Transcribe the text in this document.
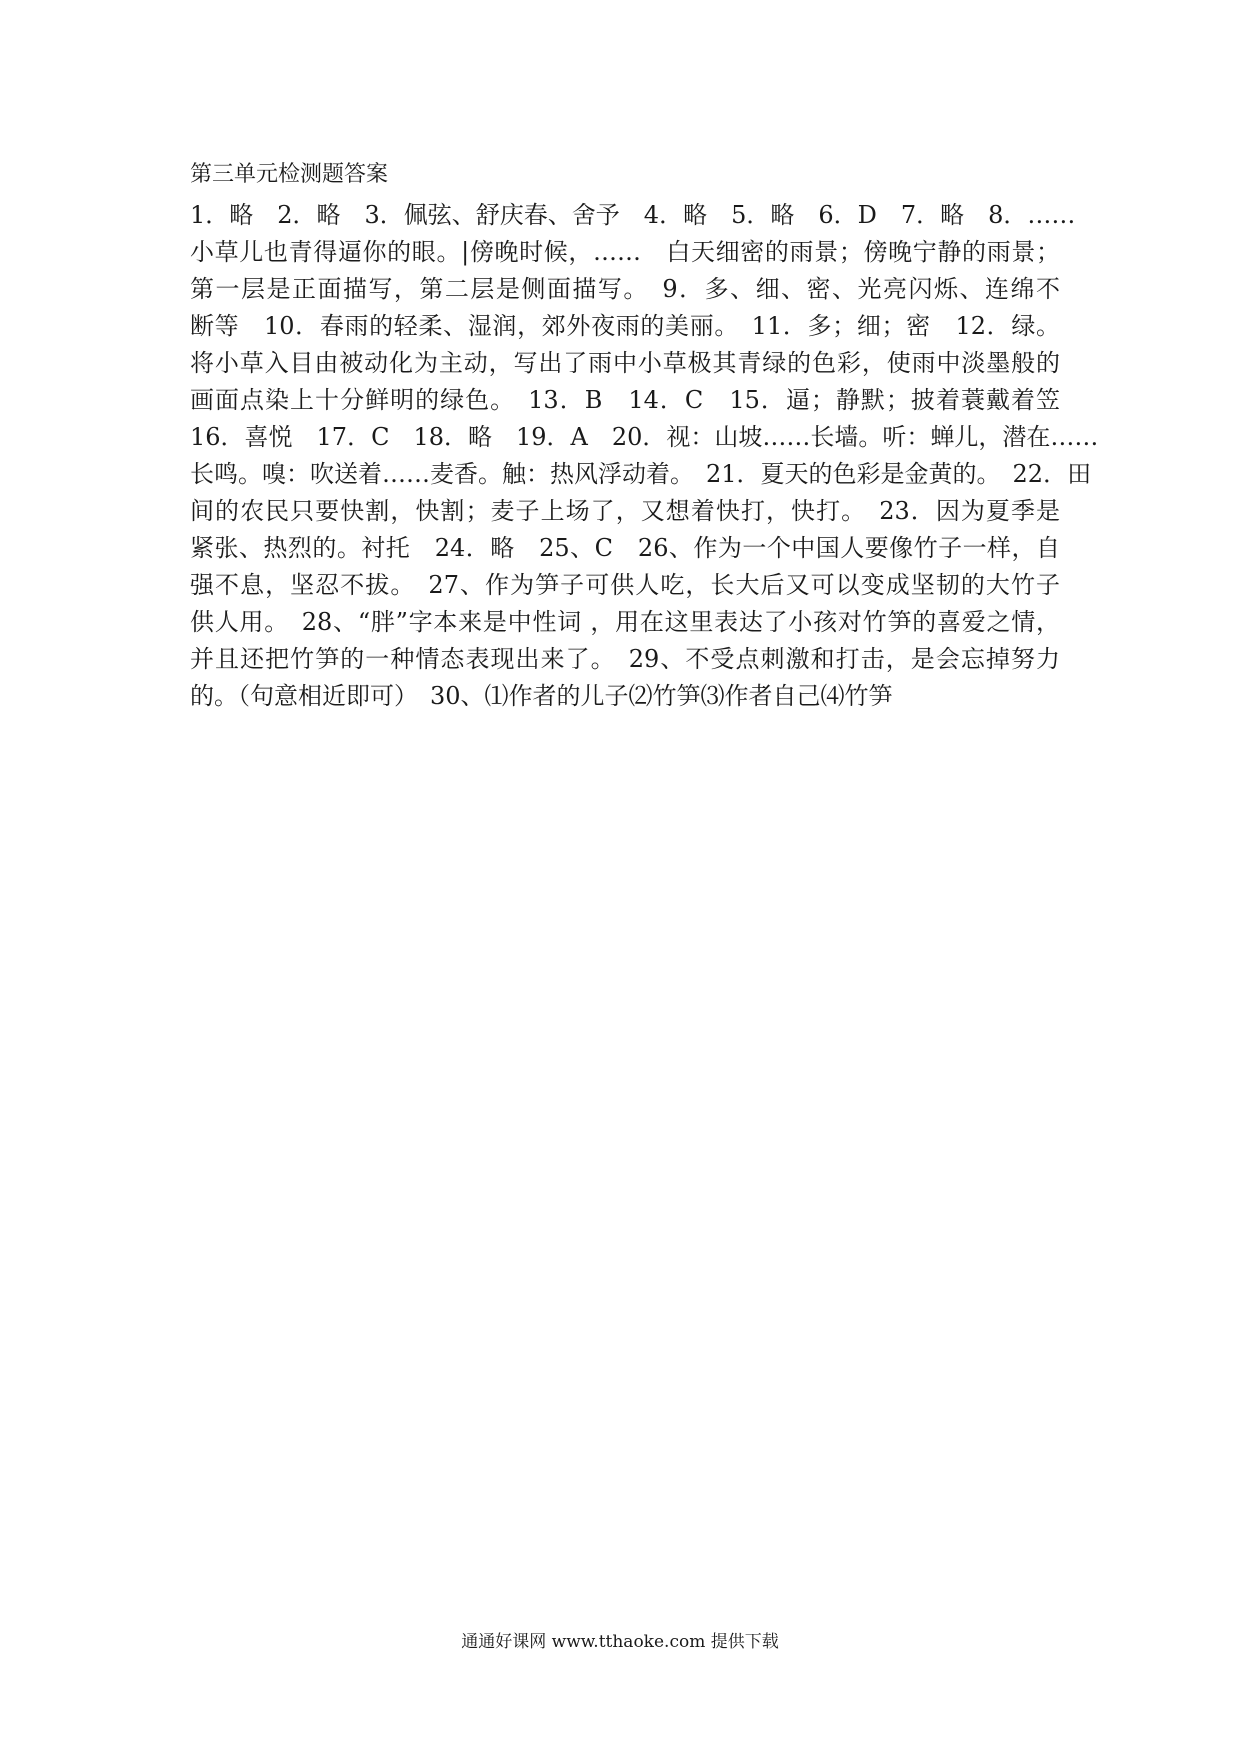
第三单元检测题答案
1．略　2．略　3．佩弦、舒庆春、舍予　4．略　5．略　6．D　7．略　8．……
小草儿也青得逼你的眼。|傍晚时候，……　白天细密的雨景；傍晚宁静的雨景；
第一层是正面描写，第二层是侧面描写。　9．多、细、密、光亮闪烁、连绵不
断等　10．春雨的轻柔、湿润，郊外夜雨的美丽。　11．多；细；密　12．绿。
将小草入目由被动化为主动，写出了雨中小草极其青绿的色彩，使雨中淡墨般的
画面点染上十分鲜明的绿色。　13．B　14．C　15．逼；静默；披着蓑戴着笠
16．喜悦　17．C　18．略　19．A　20．视：山坡……长墙。听：蝉儿，潜在……
长鸣。嗅：吹送着……麦香。触：热风浮动着。　21．夏天的色彩是金黄的。　22．田
间的农民只要快割，快割；麦子上场了，又想着快打，快打。　23．因为夏季是
紧张、热烈的。衬托　24．略　25、C　26、作为一个中国人要像竹子一样，自
强不息，坚忍不拔。　27、作为笋子可供人吃，长大后又可以变成坚韧的大竹子
供人用。　28、“胖”字本来是中性词 ，用在这里表达了小孩对竹笋的喜爱之情，
并且还把竹笋的一种情态表现出来了。　29、不受点刺激和打击，是会忘掉努力
的。（句意相近即可）　30、⑴作者的儿子⑵竹笋⑶作者自己⑷竹笋
通通好课网 www.tthaoke.com 提供下载
